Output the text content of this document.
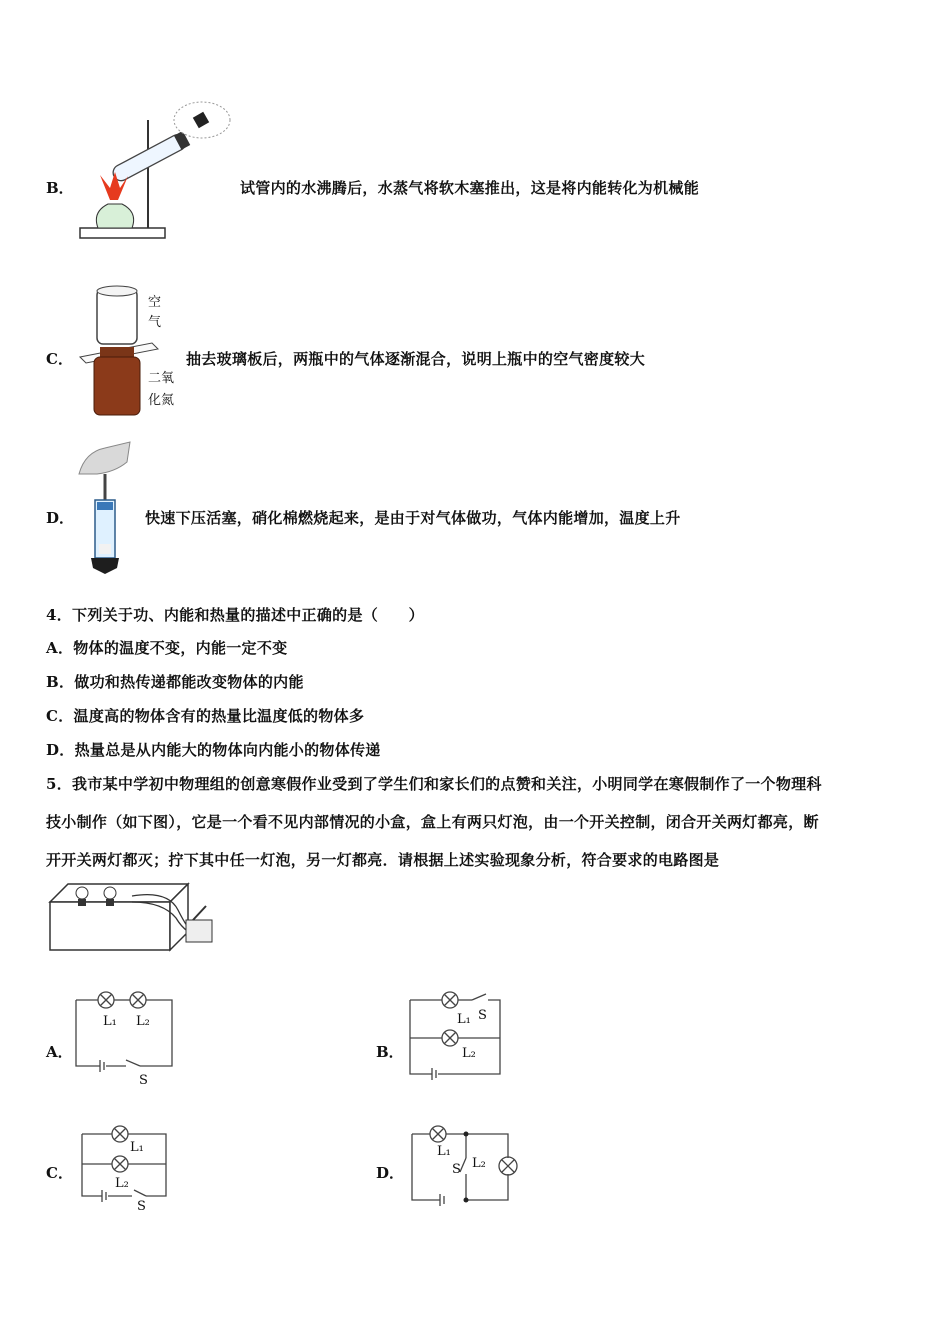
B．	试管内的水沸腾后，水蒸气将软木塞推出，这是将内能转化为机械能
C．
空
气
二氧
化氮
抽去玻璃板后，两瓶中的气体逐渐混合，说明上瓶中的空气密度较大
D．	快速下压活塞，硝化棉燃烧起来，是由于对气体做功，气体内能增加，温度上升
4．下列关于功、内能和热量的描述中正确的是（　　）
A．物体的温度不变，内能一定不变
B．做功和热传递都能改变物体的内能
C．温度高的物体含有的热量比温度低的物体多
D．热量总是从内能大的物体向内能小的物体传递
5．我市某中学初中物理组的创意寒假作业受到了学生们和家长们的点赞和关注，小明同学在寒假制作了一个物理科
技小制作（如下图），它是一个看不见内部情况的小盒，盒上有两只灯泡，由一个开关控制，闭合开关两灯都亮，断
开开关两灯都灭；拧下其中任一灯泡，另一灯都亮．请根据上述实验现象分析，符合要求的电路图是
A．	B．
C．	D．
L₁ L₂
S
L₁ S
L₂
L₁
L₂
S
L₁
S L₂
